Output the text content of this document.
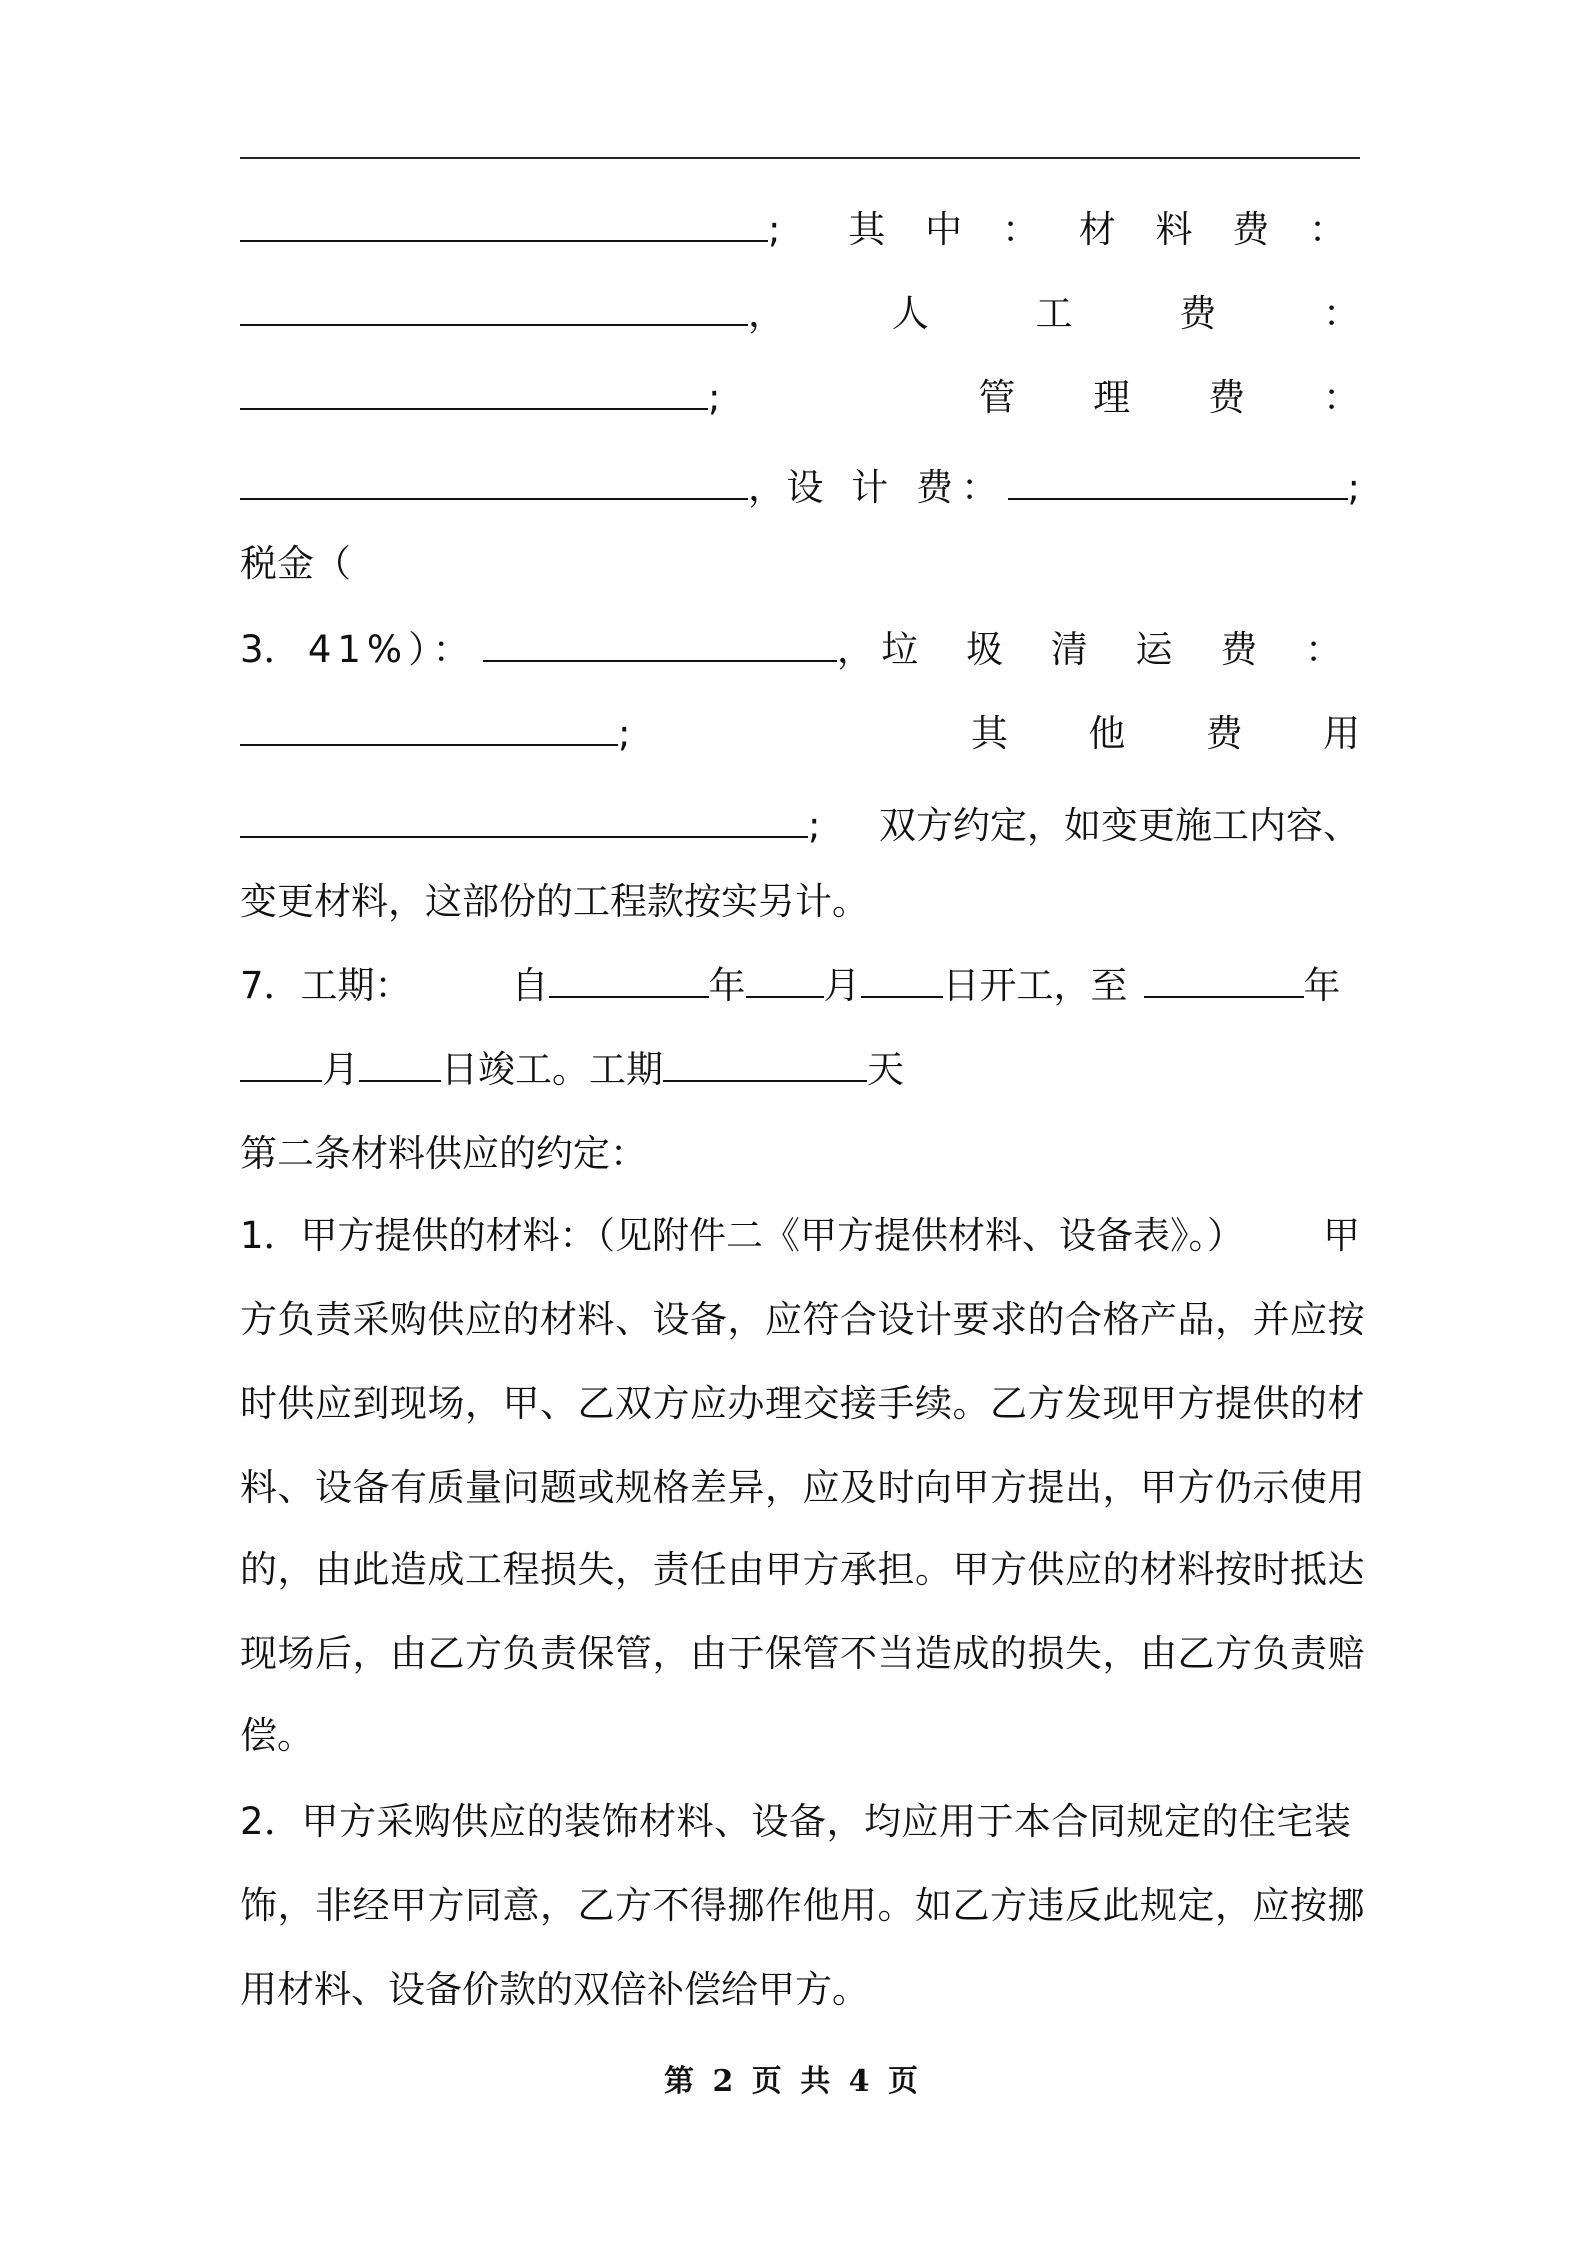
; 其 中 ： 材 料 费 ：
，	人	工	费	：
;	管 理 费 ：
， 设 计 费：	;
税金（
3． 41%）：	， 垃 圾 清 运 费 ：
;	其 他 费 用
; 双方约定，如变更施工内容、
变更材料，这部份的工程款按实另计。
7．工期：	自	年 月 日开工，至	年
月 日竣工。工期	天
第二条材料供应的约定：
1．甲方提供的材料：（见附件二《甲方提供材料、设备表》。） 甲
方负责采购供应的材料、设备，应符合设计要求的合格产品，并应按
时供应到现场，甲、乙双方应办理交接手续。乙方发现甲方提供的材
料、设备有质量问题或规格差异，应及时向甲方提出，甲方仍示使用
的，由此造成工程损失，责任由甲方承担。甲方供应的材料按时抵达
现场后，由乙方负责保管，由于保管不当造成的损失，由乙方负责赔
偿。
2．甲方采购供应的装饰材料、设备，均应用于本合同规定的住宅装
饰，非经甲方同意，乙方不得挪作他用。如乙方违反此规定，应按挪
用材料、设备价款的双倍补偿给甲方。
第 2 页 共 4 页
